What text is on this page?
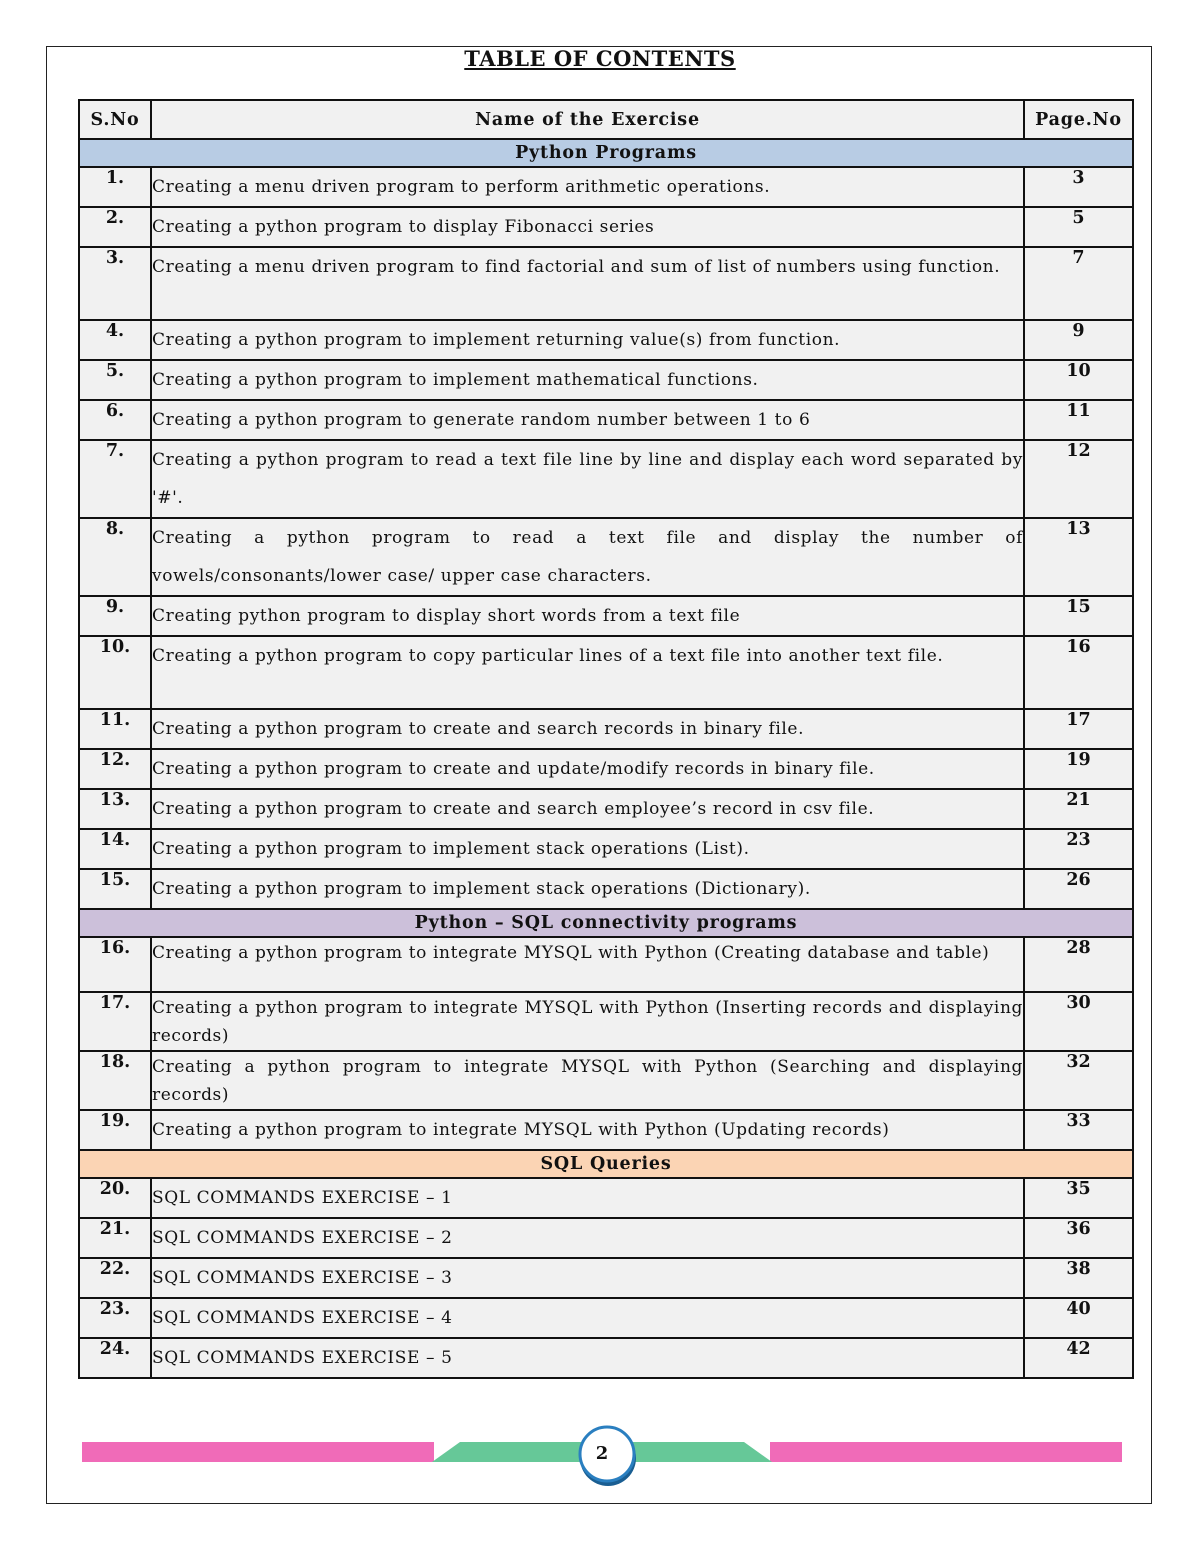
TABLE OF CONTENTS
S.No	Name of the Exercise	Page.No
Python Programs		
1.	Creating a menu driven program to perform arithmetic operations.	3
2.	Creating a python program to display Fibonacci series	5
3.	Creating a menu driven program to find factorial and sum of list of numbers using function.	7
4.	Creating a python program to implement returning value(s) from function.	9
5.	Creating a python program to implement mathematical functions.	10
6.	Creating a python program to generate random number between 1 to 6	11
7.	Creating a python program to read a text file line by line and display each word separated by '#'.	12
8.	Creating a python program to read a text file and display the number of vowels/consonants/lower case/ upper case characters.	13
9.	Creating python program to display short words from a text file	15
10.	Creating a python program to copy particular lines of a text file into another text file.	16
11.	Creating a python program to create and search records in binary file.	17
12.	Creating a python program to create and update/modify records in binary file.	19
13.	Creating a python program to create and search employee’s record in csv file.	21
14.	Creating a python program to implement stack operations (List).	23
15.	Creating a python program to implement stack operations (Dictionary).	26
Python – SQL connectivity programs		
16.	Creating a python program to integrate MYSQL with Python (Creating database and table)	28
17.	Creating a python program to integrate MYSQL with Python (Inserting records and displaying records)	30
18.	Creating a python program to integrate MYSQL with Python (Searching and displaying records)	32
19.	Creating a python program to integrate MYSQL with Python (Updating records)	33
SQL Queries		
20.	SQL COMMANDS EXERCISE – 1	35
21.	SQL COMMANDS EXERCISE – 2	36
22.	SQL COMMANDS EXERCISE – 3	38
23.	SQL COMMANDS EXERCISE – 4	40
24.	SQL COMMANDS EXERCISE – 5	42
2
